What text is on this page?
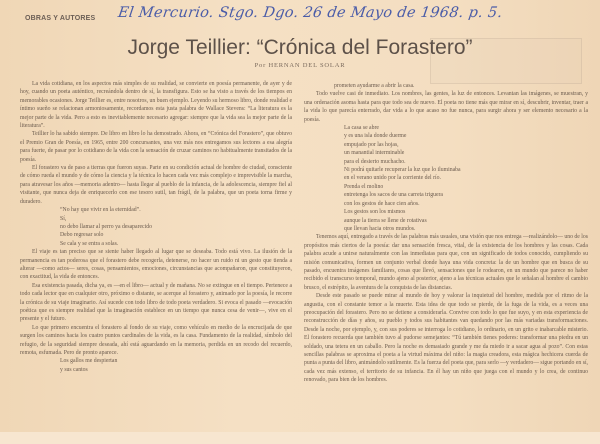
OBRAS Y AUTORES El Mercurio. Stgo. Dgo. 26 de Mayo de 1968. p. 5.
Jorge Teillier: “Crónica del Forastero”
Por HERNAN DEL SOLAR

La vida cotidiana, en los aspectos más simples de su realidad, se convierte en poesía permanente, de ayer y de hoy, cuando un poeta auténtico, recreándola dentro de sí, la transfigura. Esto se ha visto a través de los tiempos en memorables ocasiones. Jorge Teillier es, entre nosotros, un buen ejemplo. Leyendo su hermoso libro, donde realidad e íntimo sueño se relacionan armoniosamente, recordamos esta justa palabra de Wallace Stevens: “La literatura es la mejor parte de la vida. Pero a esto es inevitablemente necesario agregar: siempre que la vida sea la mejor parte de la literatura”.

Teillier lo ha sabido siempre. De libro en libro lo ha demostrado. Ahora, en “Crónica del Forastero”, que obtuvo el Premio Gran de Poesía, en 1965, entre 200 concursantes, una vez más nos entregamos sus lectores a esa alegría para fuerte, de pasar por lo cotidiano de la vida con la sensación de cruzar caminos no habitualmente transitados de la poesía.

El forastero va de paso a tierras que fueron suyas. Parte en su condición actual de hombre de ciudad, consciente de cómo rueda el mundo y de cómo la ciencia y la técnica lo hacen cada vez más complejo e imprevisible la marcha, para atravesar los años —memoria adentro— hasta llegar al pueblo de la infancia, de la adolescencia, siempre fiel al visitante, que nunca deja de enriquecerlo con ese tesoro sutil, tan frágil, de la palabra, que un poeta torna firme y duradero.

“No hay que vivir en la eternidad”.
Sí,
no debo llamar al perro ya desaparecido
Debo regresar solo
Se cala y se entra a solas.

El viaje es tan preciso que se siente haber llegado al lugar que se deseaba. Todo está vivo. La ilusión de la permanencia es tan poderosa que el forastero debe recogerla, detenerse, no hacer un ruido ni un gesto que tienda a alterar —como actos— seres, cosas, pensamientos, emociones, circunstancias que acompañaron, que constituyeron, con exactitud, la vida de entonces.

Esa existencia pasada, dicha ya, es —en el libro— actual y de mañana. No se extingue en el tiempo. Pertenece a todo cada lector que en cualquier otro, próximo o distante, se acerque al forastero y, animado por la poesía, le recorre la crónica de su viaje imaginario. Así sucede con todo libro de todo poeta verdadero. Si evoca el pasado —evocación poética que es siempre realidad que la imaginación establece en un tiempo que nunca cesa de venir—, vive en el presente y el futuro.

Lo que primero encuentra el forastero al fondo de su viaje, como vehículo en medio de la encrucijada de que surgen los caminos hacia los cuatro puntos cardinales de la vida, es la casa. Fundamento de la realidad, símbolo del refugio, de la seguridad siempre deseada, ahí está aguardando en la memoria, perdida en un recodo del recuerdo, remota, esfumada. Pero de pronto aparece.

Los gallos me despiertan
y sus cantos

prometen ayudarme a abrir la casa.

Todo vuelve casi de inmediato. Los nombres, las gentes, la luz de entonces. Levantan las imágenes, se muestran, y una ordenación asoma hasta para que todo sea de nuevo. El poeta no tiene más que mirar en sí, descubrir, inventar, traer a la vida lo que parecía enterrado, dar vida a lo que acaso no fue nunca, para surgir ahora y ser elemento necesario a la poesía.

La casa se abre
y es una isla donde duerme
empujado por las hojas,
un manantial interminable
para el desierto muchacho.
Ni podrá quitarle recuperar la luz que lo iluminaba
en el verano unido por la corriente del río.
Prenda el molino
entretenga los sacos de una carreta triguera
con los gestos de hace cien años.
Los gestos son los mismos
aunque la tierra se llene de rotativas
que llevan hacia otros mundos.

Tenemos aquí, entregado a través de las palabras más usuales, una visión que nos entrega —realizándolo— uno de los propósitos más ciertos de la poesía: dar una sensación fresca, vital, de la existencia de los hombres y las cosas. Cada palabra acude a unirse naturalmente con las inmediatas para que, con un significado de todos conocido, cumpliendo su misión comunicativa, formen un conjunto verbal donde haya una vida concreta: la de un hombre que en busca de su pasado, encuentra imágenes familiares, cosas que llevó, sensaciones que le rodearon, en un mundo que parece no haber recibido el transcurso temporal, mundo ajeno al posterior, ajeno a las técnicas actuales que le señalan al hombre el cambio brusco, el estrépito, la aventura de la conquista de las distancias.

Desde este pasado se puede mirar al mundo de hoy y valorar la inquietud del hombre, medida por el ritmo de la angustia, con el constante temor a la muerte. Esta idea de que todo se pierde, de la fuga de la vida, es a veces una preocupación del forastero. Pero no se detiene a considerarla. Convive con todo lo que fue suyo, y en esta experiencia de reconstrucción de días y años, su pueblo y todos sus habitantes van quedando por las más variadas transformaciones. Desde la noche, por ejemplo, y, con sus poderes se interroga lo cotidiano, lo ordinario, en un grito e inabarcable misterio. El forastero recuerda que también tuvo al pudorse semejantes: “Tú también tienes poderes: transformar una piedra en un soldado, una tetera en un caballo. Pero la noche es demasiado grande y me da miedo ir a sacar agua al pozo”. Con estas sencillas palabras se aproxima el poeta a la virtud máxima del niño: la magia creadora, esta mágica hechicera cuerda de punta a punta del libro, animándolo sutilmente. Es la fuerza del poeta que, para serlo —y verdadero— sigue portando en sí, cada vez más extenso, el territorio de su infancia. En él hay un niño que juega con el mundo y lo crea, de continuo renovado, para bien de los hombres.
